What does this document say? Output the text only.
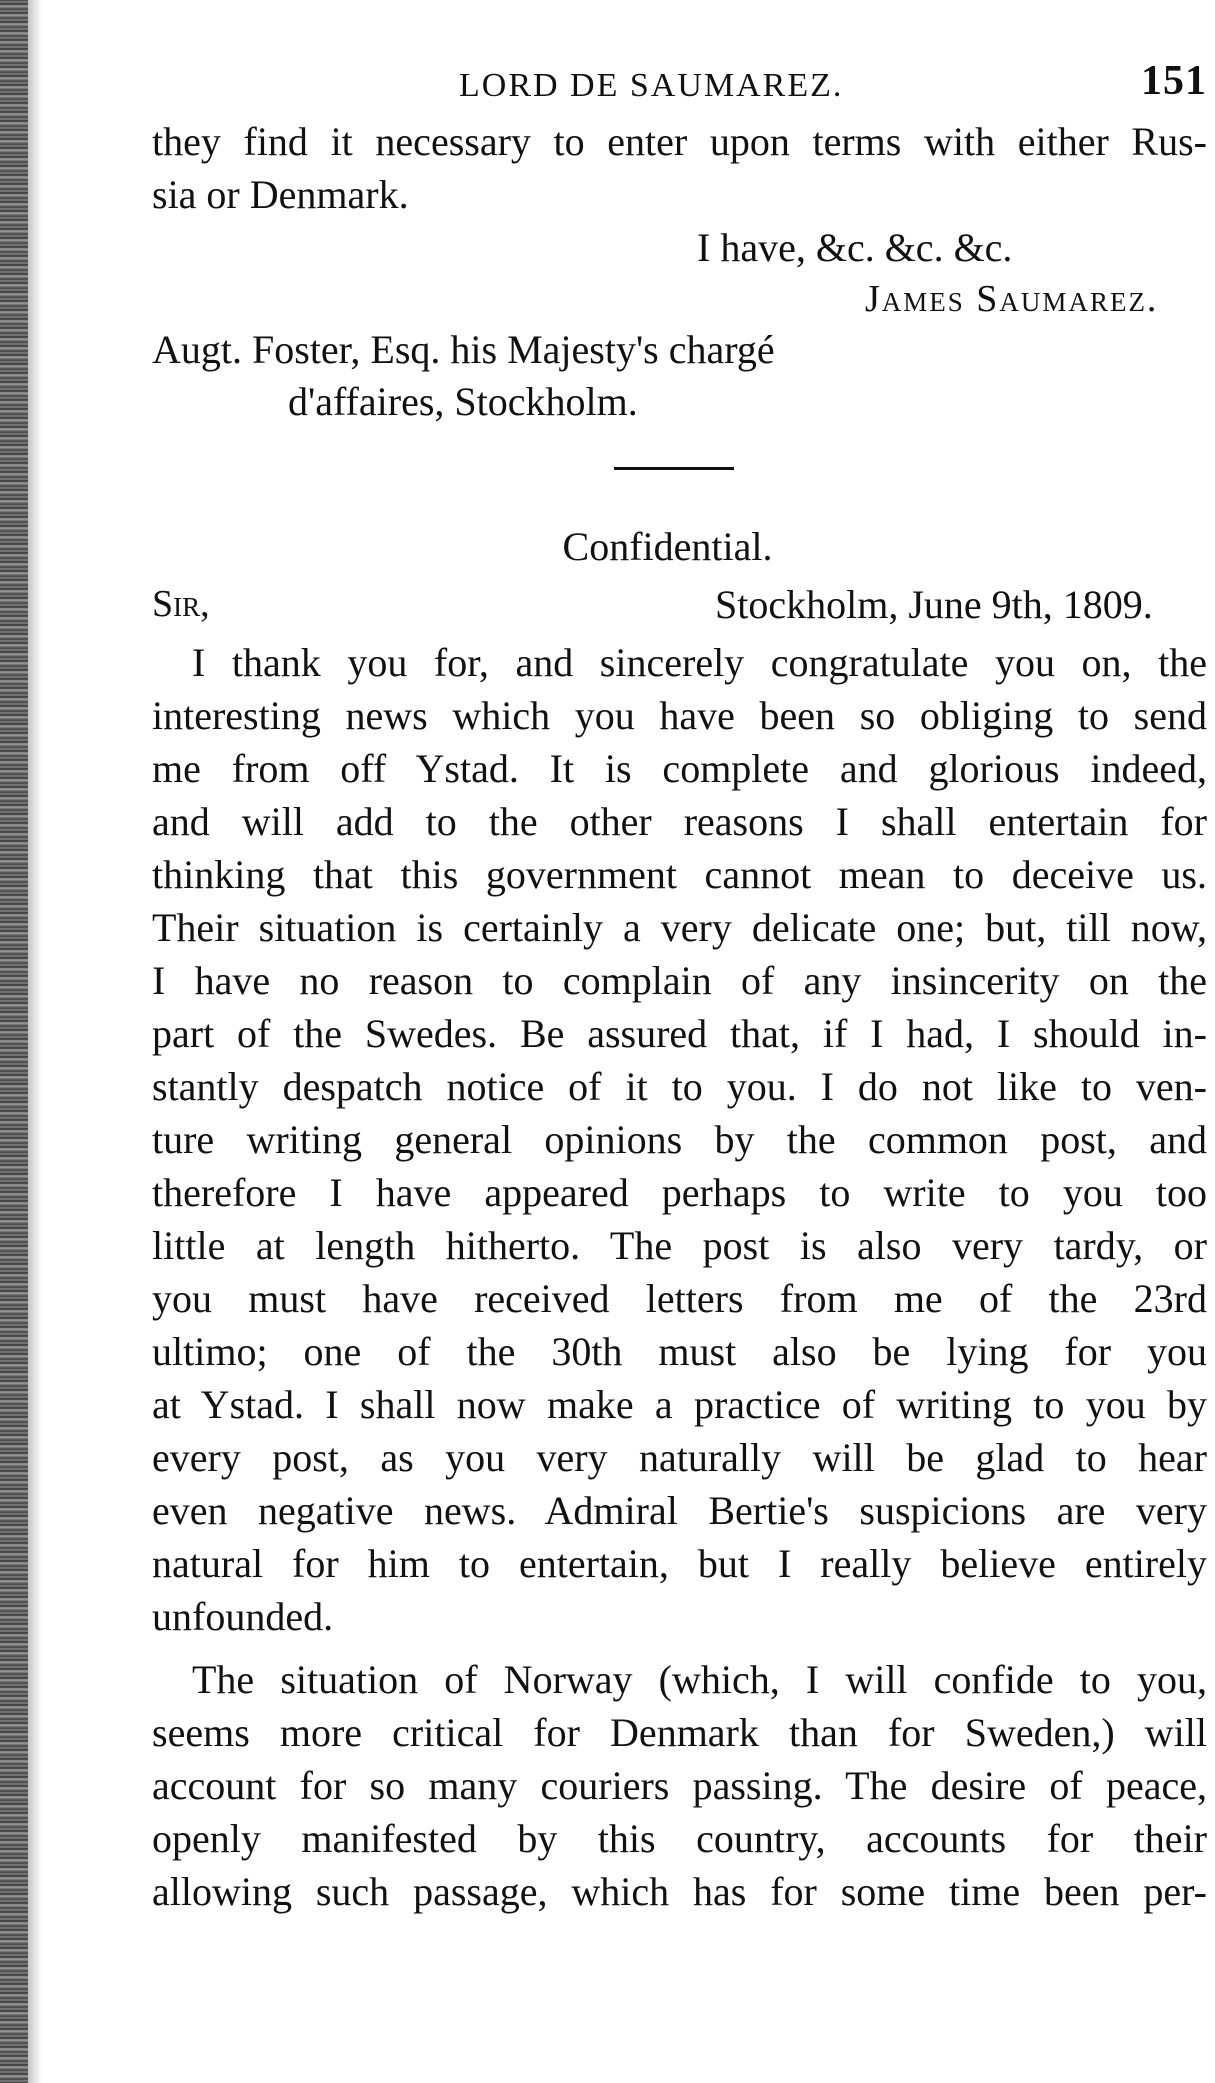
LORD DE SAUMAREZ.	151
they find it necessary to enter upon terms with either Rus-
sia or Denmark.
I have, &c. &c. &c.
James Saumarez.
Augt. Foster, Esq. his Majesty's chargé
d'affaires, Stockholm.
Confidential.
Sir,	Stockholm, June 9th, 1809.
I thank you for, and sincerely congratulate you on, the
interesting news which you have been so obliging to send
me from off Ystad. It is complete and glorious indeed,
and will add to the other reasons I shall entertain for
thinking that this government cannot mean to deceive us.
Their situation is certainly a very delicate one; but, till now,
I have no reason to complain of any insincerity on the
part of the Swedes. Be assured that, if I had, I should in-
stantly despatch notice of it to you. I do not like to ven-
ture writing general opinions by the common post, and
therefore I have appeared perhaps to write to you too
little at length hitherto. The post is also very tardy, or
you must have received letters from me of the 23rd
ultimo; one of the 30th must also be lying for you
at Ystad. I shall now make a practice of writing to you by
every post, as you very naturally will be glad to hear
even negative news. Admiral Bertie's suspicions are very
natural for him to entertain, but I really believe entirely
unfounded.
The situation of Norway (which, I will confide to you,
seems more critical for Denmark than for Sweden,) will
account for so many couriers passing. The desire of peace,
openly manifested by this country, accounts for their
allowing such passage, which has for some time been per-
